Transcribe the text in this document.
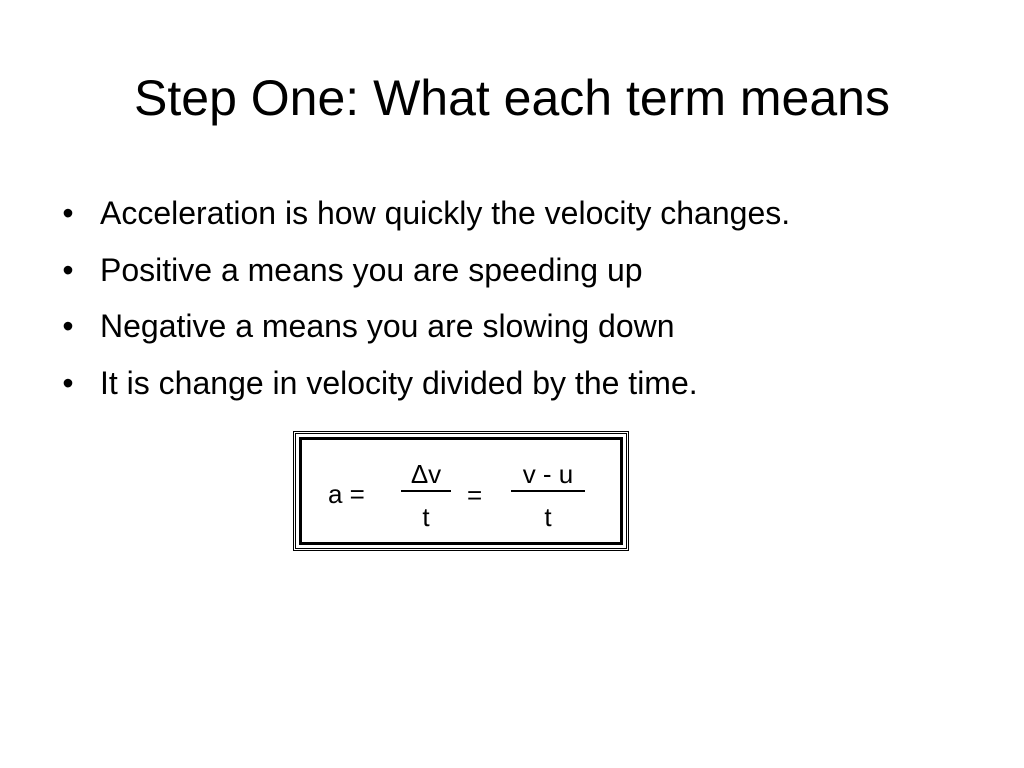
Step One: What each term means
• Acceleration is how quickly the velocity changes.
• Positive a means you are speeding up
• Negative a means you are slowing down
• It is change in velocity divided by the time.
a =
Δv
t
=
v - u
t
